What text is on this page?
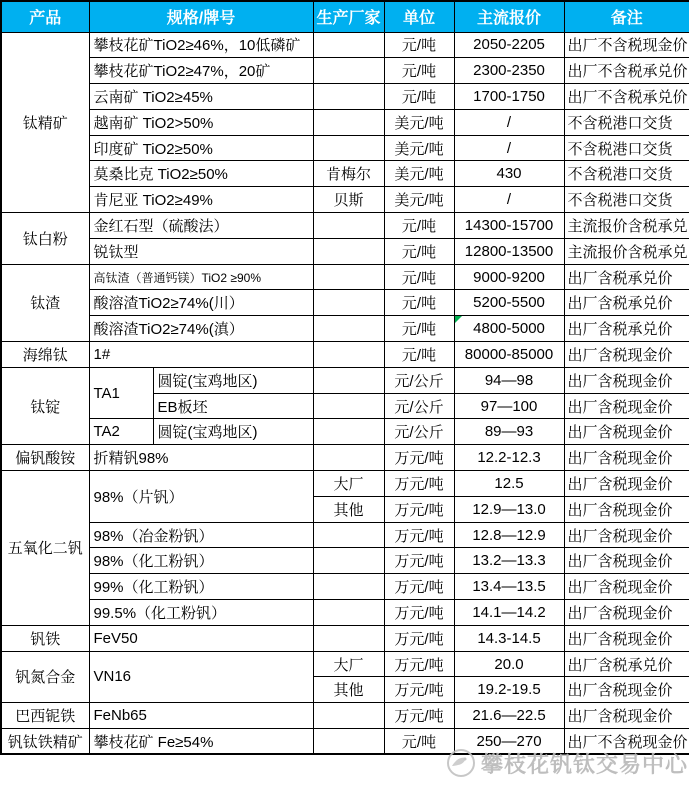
产品	规格/牌号		生产厂家	单位	主流报价	备注
钛精矿	攀枝花矿TiO2≥46%，10低磷矿			元/吨	2050-2205	出厂不含税现金价
	攀枝花矿TiO2≥47%，20矿			元/吨	2300-2350	出厂不含税承兑价
	云南矿 TiO2≥45%			元/吨	1700-1750	出厂不含税承兑价
	越南矿 TiO2>50%			美元/吨	/	不含税港口交货
	印度矿 TiO2≥50%			美元/吨	/	不含税港口交货
	莫桑比克 TiO2≥50%		肯梅尔	美元/吨	430	不含税港口交货
	肯尼亚 TiO2≥49%		贝斯	美元/吨	/	不含税港口交货
钛白粉	金红石型（硫酸法）			元/吨	14300-15700	主流报价含税承兑
	锐钛型			元/吨	12800-13500	主流报价含税承兑
钛渣	高钛渣（普通钙镁）TiO2 ≥90%			元/吨	9000-9200	出厂含税承兑价
	酸溶渣TiO2≥74%(川）			元/吨	5200-5500	出厂含税承兑价
	酸溶渣TiO2≥74%(滇）			元/吨	4800-5000	出厂含税承兑价
海绵钛	1#			元/吨	80000-85000	出厂含税现金价
钛锭	TA1	圆锭(宝鸡地区)		元/公斤	94—98	出厂含税现金价
		EB板坯		元/公斤	97—100	出厂含税现金价
	TA2	圆锭(宝鸡地区)		元/公斤	89—93	出厂含税现金价
偏钒酸铵	折精钒98%			万元/吨	12.2-12.3	出厂含税现金价
五氧化二钒	98%（片钒）		大厂	万元/吨	12.5	出厂含税现金价
			其他	万元/吨	12.9—13.0	出厂含税现金价
	98%（冶金粉钒）			万元/吨	12.8—12.9	出厂含税现金价
	98%（化工粉钒）			万元/吨	13.2—13.3	出厂含税现金价
	99%（化工粉钒）			万元/吨	13.4—13.5	出厂含税现金价
	99.5%（化工粉钒）			万元/吨	14.1—14.2	出厂含税现金价
钒铁	FeV50			万元/吨	14.3-14.5	出厂含税现金价
钒氮合金	VN16		大厂	万元/吨	20.0	出厂含税承兑价
			其他	万元/吨	19.2-19.5	出厂含税现金价
巴西铌铁	FeNb65			万元/吨	21.6—22.5	出厂含税现金价
钒钛铁精矿	攀枝花矿 Fe≥54%			元/吨	250—270	出厂不含税现金价
攀枝花钒钛交易中心
